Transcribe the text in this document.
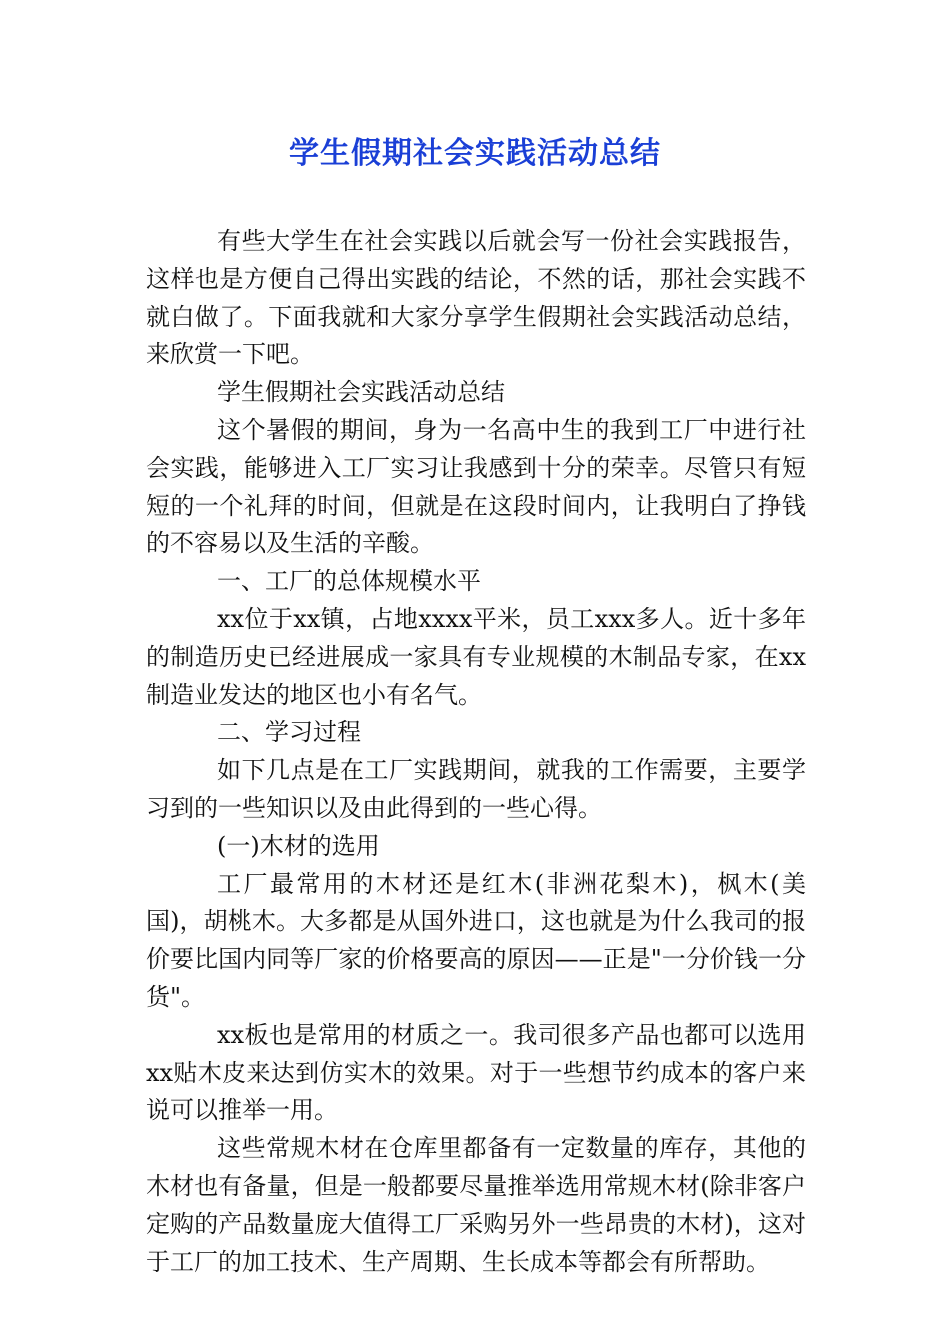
学生假期社会实践活动总结

有些大学生在社会实践以后就会写一份社会实践报告，这样也是方便自己得出实践的结论，不然的话，那社会实践不就白做了。下面我就和大家分享学生假期社会实践活动总结，来欣赏一下吧。

学生假期社会实践活动总结

这个暑假的期间，身为一名高中生的我到工厂中进行社会实践，能够进入工厂实习让我感到十分的荣幸。尽管只有短短的一个礼拜的时间，但就是在这段时间内，让我明白了挣钱的不容易以及生活的辛酸。

一、工厂的总体规模水平

xx位于xx镇，占地xxxx平米，员工xxx多人。近十多年的制造历史已经进展成一家具有专业规模的木制品专家，在xx制造业发达的地区也小有名气。

二、学习过程

如下几点是在工厂实践期间，就我的工作需要，主要学习到的一些知识以及由此得到的一些心得。

(一)木材的选用

工厂最常用的木材还是红木(非洲花梨木)，枫木(美国)，胡桃木。大多都是从国外进口，这也就是为什么我司的报价要比国内同等厂家的价格要高的原因——正是"一分价钱一分货"。

xx板也是常用的材质之一。我司很多产品也都可以选用xx贴木皮来达到仿实木的效果。对于一些想节约成本的客户来说可以推举一用。

这些常规木材在仓库里都备有一定数量的库存，其他的木材也有备量，但是一般都要尽量推举选用常规木材(除非客户定购的产品数量庞大值得工厂采购另外一些昂贵的木材)，这对于工厂的加工技术、生产周期、生长成本等都会有所帮助。
